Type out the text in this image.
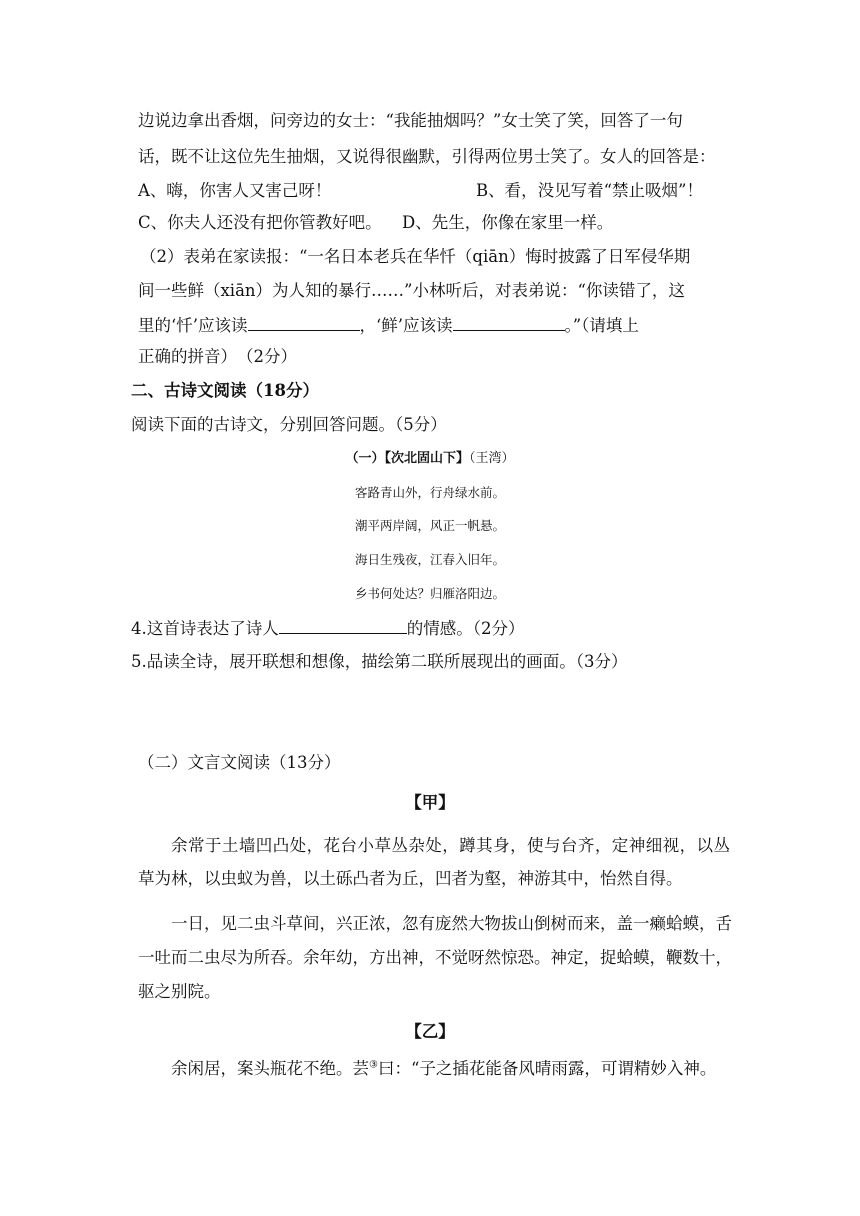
边说边拿出香烟，问旁边的女士：“我能抽烟吗？”女士笑了笑，回答了一句
话，既不让这位先生抽烟，又说得很幽默，引得两位男士笑了。女人的回答是：
A、嗨，你害人又害己呀！	B、看，没见写着“禁止吸烟”！
C、你夫人还没有把你管教好吧。 D、先生，你像在家里一样。
（2）表弟在家读报：“一名日本老兵在华忏（qiān）悔时披露了日军侵华期
间一些鲜（xiān）为人知的暴行……”小林听后，对表弟说：“你读错了，这
里的‘忏’应该读	，‘鲜’应该读	。”（请填上
正确的拼音）　（2分）
二、古诗文阅读（18分）
阅读下面的古诗文，分别回答问题。（5分）
（一）【次北固山下】（王湾）
客路青山外，行舟绿水前。
潮平两岸阔，风正一帆悬。
海日生残夜，江春入旧年。
乡书何处达？归雁洛阳边。
4.这首诗表达了诗人	的情感。（2分）
5.品读全诗，展开联想和想像，描绘第二联所展现出的画面。（3分）
（二）文言文阅读（13分）
【甲】
余常于土墙凹凸处，花台小草丛杂处，蹲其身，使与台齐，定神细视，以丛草为林，以虫蚁为兽，以土砾凸者为丘，凹者为壑，神游其中，怡然自得。
一日，见二虫斗草间，兴正浓，忽有庞然大物拔山倒树而来，盖一癞蛤蟆，舌一吐而二虫尽为所吞。余年幼，方出神，不觉呀然惊恐。神定，捉蛤蟆，鞭数十，驱之别院。
【乙】
余闲居，案头瓶花不绝。芸③曰：“子之插花能备风晴雨露，可谓精妙入神。
